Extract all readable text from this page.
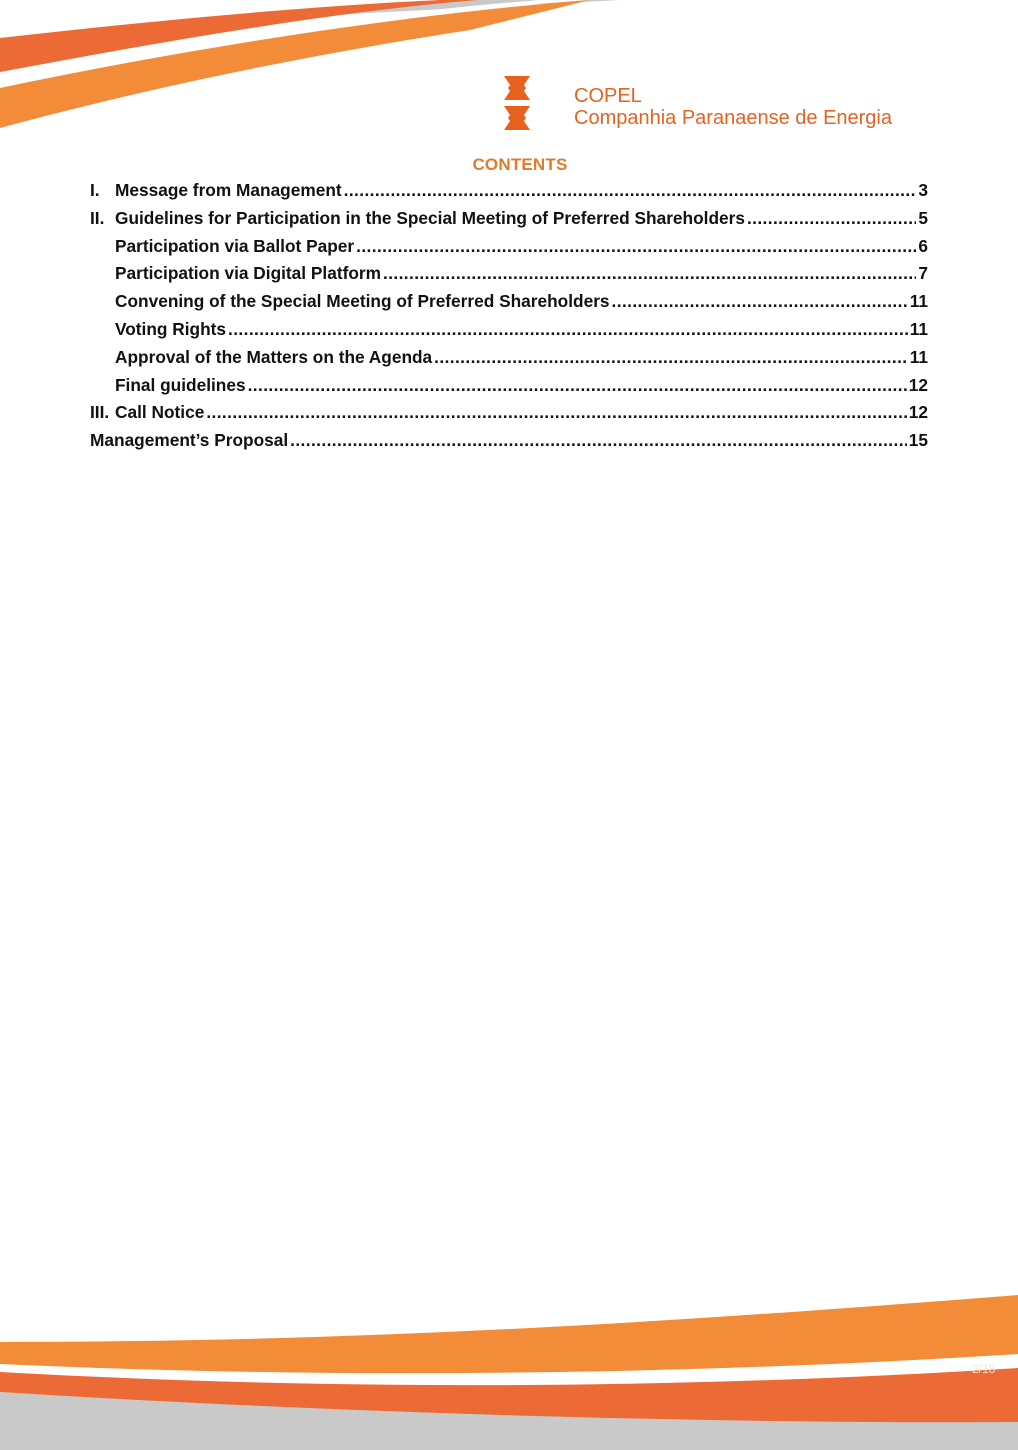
COPEL
Companhia Paranaense de Energia
CONTENTS
I. Message from Management .....	3
II. Guidelines for Participation in the Special Meeting of Preferred Shareholders .....	5
Participation via Ballot Paper .....	6
Participation via Digital Platform .....	7
Convening of the Special Meeting of Preferred Shareholders .....	11
Voting Rights .....	11
Approval of the Matters on the Agenda .....	11
Final guidelines .....	12
III. Call Notice .....	12
Management’s Proposal .....	15
2/18
